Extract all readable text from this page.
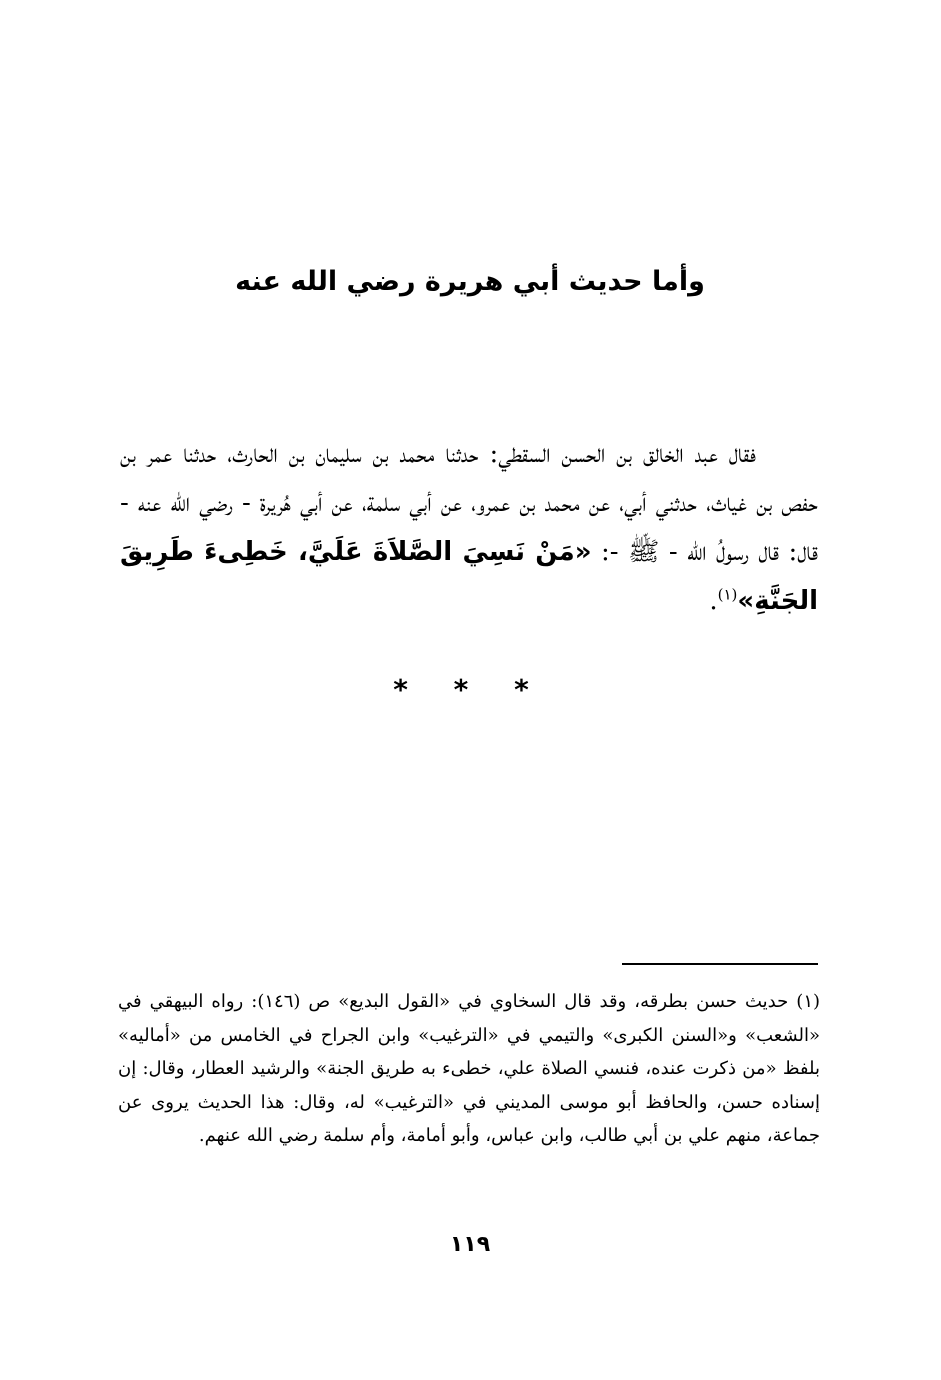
وأما حديث أبي هريرة رضي الله عنه

فقال عبد الخالق بن الحسن السقطي: حدثنا محمد بن سليمان بن الحارث، حدثنا عمر بن حفص بن غياث، حدثني أبي، عن محمد بن عمرو، عن أبي سلمة، عن أبي هُريرة - رضي الله عنه - قال: قال رسولُ الله - ﷺ -: «مَنْ نَسِيَ الصَّلاَةَ عَلَيَّ، خَطِىءَ طَرِيقَ الجَنَّةِ»$^{(١)}$.

* * *

(١) حديث حسن بطرقه، وقد قال السخاوي في «القول البديع» ص (١٤٦): رواه البيهقي في «الشعب» و«السنن الكبرى» والتيمي في «الترغيب» وابن الجراح في الخامس من «أماليه» بلفظ «من ذكرت عنده، فنسي الصلاة علي، خطىء به طريق الجنة» والرشيد العطار، وقال: إن إسناده حسن، والحافظ أبو موسى المديني في «الترغيب» له، وقال: هذا الحديث يروى عن جماعة، منهم علي بن أبي طالب، وابن عباس، وأبو أمامة، وأم سلمة رضي الله عنهم.

١١٩
